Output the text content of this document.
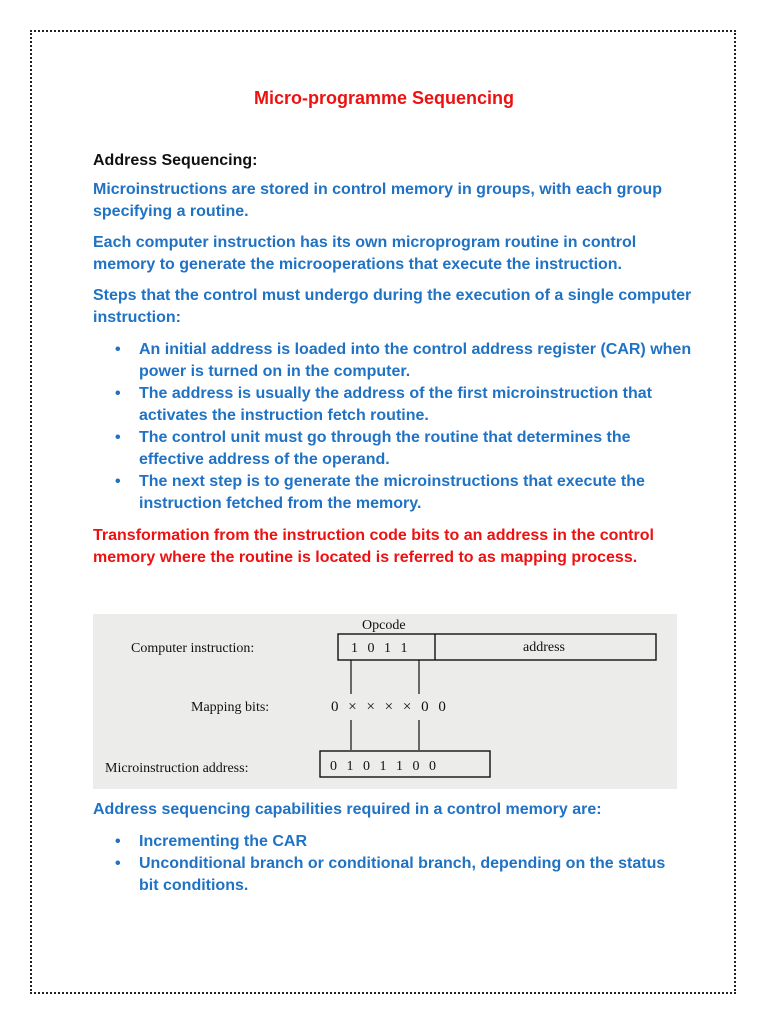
Micro-programme Sequencing

Address Sequencing:

Microinstructions are stored in control memory in groups, with each group specifying a routine.

Each computer instruction has its own microprogram routine in control memory to generate the microoperations that execute the instruction.

Steps that the control must undergo during the execution of a single computer instruction:

• An initial address is loaded into the control address register (CAR) when power is turned on in the computer.
• The address is usually the address of the first microinstruction that activates the instruction fetch routine.
• The control unit must go through the routine that determines the effective address of the operand.
• The next step is to generate the microinstructions that execute the instruction fetched from the memory.

Transformation from the instruction code bits to an address in the control memory where the routine is located is referred to as mapping process.

Opcode
Computer instruction:	1 0 1 1	address
Mapping bits:	0 × × × × 0 0
Microinstruction address:	0 1 0 1 1 0 0

Address sequencing capabilities required in a control memory are:

• Incrementing the CAR
• Unconditional branch or conditional branch, depending on the status bit conditions.
